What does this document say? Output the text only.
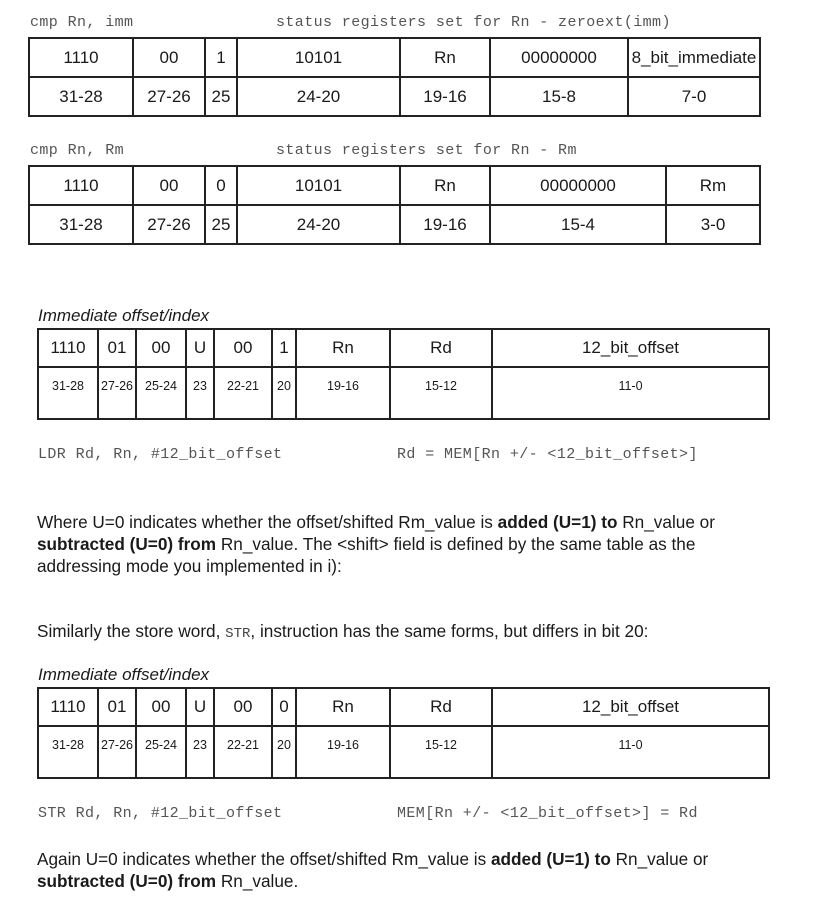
cmp Rn, imm	status registers set for Rn - zeroext(imm)
1110	00	1	10101	Rn	00000000	8_bit_immediate
31-28	27-26	25	24-20	19-16	15-8	7-0
cmp Rn, Rm	status registers set for Rn - Rm
1110	00	0	10101	Rn	00000000	Rm
31-28	27-26	25	24-20	19-16	15-4	3-0
Immediate offset/index
1110	01	00	U	00	1	Rn	Rd	12_bit_offset
31-28	27-26	25-24	23	22-21	20	19-16	15-12	11-0
LDR Rd, Rn, #12_bit_offset	Rd = MEM[Rn +/- <12_bit_offset>]
Where U=0 indicates whether the offset/shifted Rm_value is added (U=1) to Rn_value or subtracted (U=0) from Rn_value. The <shift> field is defined by the same table as the addressing mode you implemented in i):
Similarly the store word, STR, instruction has the same forms, but differs in bit 20:
Immediate offset/index
1110	01	00	U	00	0	Rn	Rd	12_bit_offset
31-28	27-26	25-24	23	22-21	20	19-16	15-12	11-0
STR Rd, Rn, #12_bit_offset	MEM[Rn +/- <12_bit_offset>] = Rd
Again U=0 indicates whether the offset/shifted Rm_value is added (U=1) to Rn_value or subtracted (U=0) from Rn_value.
